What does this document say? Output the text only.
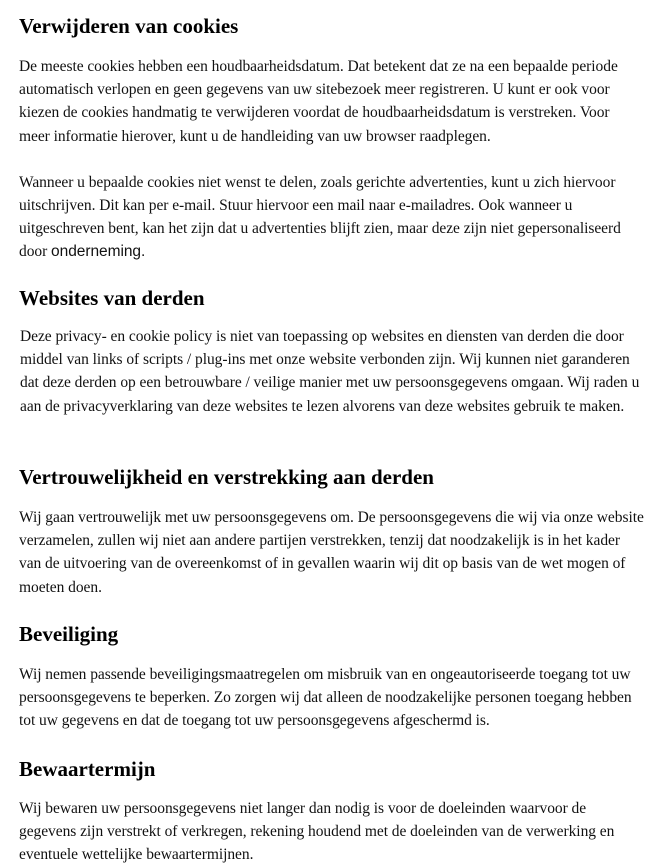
Verwijderen van cookies

De meeste cookies hebben een houdbaarheidsdatum. Dat betekent dat ze na een bepaalde periode automatisch verlopen en geen gegevens van uw sitebezoek meer registreren. U kunt er ook voor kiezen de cookies handmatig te verwijderen voordat de houdbaarheidsdatum is verstreken. Voor meer informatie hierover, kunt u de handleiding van uw browser raadplegen.

Wanneer u bepaalde cookies niet wenst te delen, zoals gerichte advertenties, kunt u zich hiervoor uitschrijven. Dit kan per e-mail. Stuur hiervoor een mail naar e-mailadres. Ook wanneer u uitgeschreven bent, kan het zijn dat u advertenties blijft zien, maar deze zijn niet gepersonaliseerd door onderneming.

Websites van derden

Deze privacy- en cookie policy is niet van toepassing op websites en diensten van derden die door middel van links of scripts / plug-ins met onze website verbonden zijn. Wij kunnen niet garanderen dat deze derden op een betrouwbare / veilige manier met uw persoonsgegevens omgaan. Wij raden u aan de privacyverklaring van deze websites te lezen alvorens van deze websites gebruik te maken.

Vertrouwelijkheid en verstrekking aan derden

Wij gaan vertrouwelijk met uw persoonsgegevens om. De persoonsgegevens die wij via onze website verzamelen, zullen wij niet aan andere partijen verstrekken, tenzij dat noodzakelijk is in het kader van de uitvoering van de overeenkomst of in gevallen waarin wij dit op basis van de wet mogen of moeten doen.

Beveiliging

Wij nemen passende beveiligingsmaatregelen om misbruik van en ongeautoriseerde toegang tot uw persoonsgegevens te beperken. Zo zorgen wij dat alleen de noodzakelijke personen toegang hebben tot uw gegevens en dat de toegang tot uw persoonsgegevens afgeschermd is.

Bewaartermijn

Wij bewaren uw persoonsgegevens niet langer dan nodig is voor de doeleinden waarvoor de gegevens zijn verstrekt of verkregen, rekening houdend met de doeleinden van de verwerking en eventuele wettelijke bewaartermijnen.
